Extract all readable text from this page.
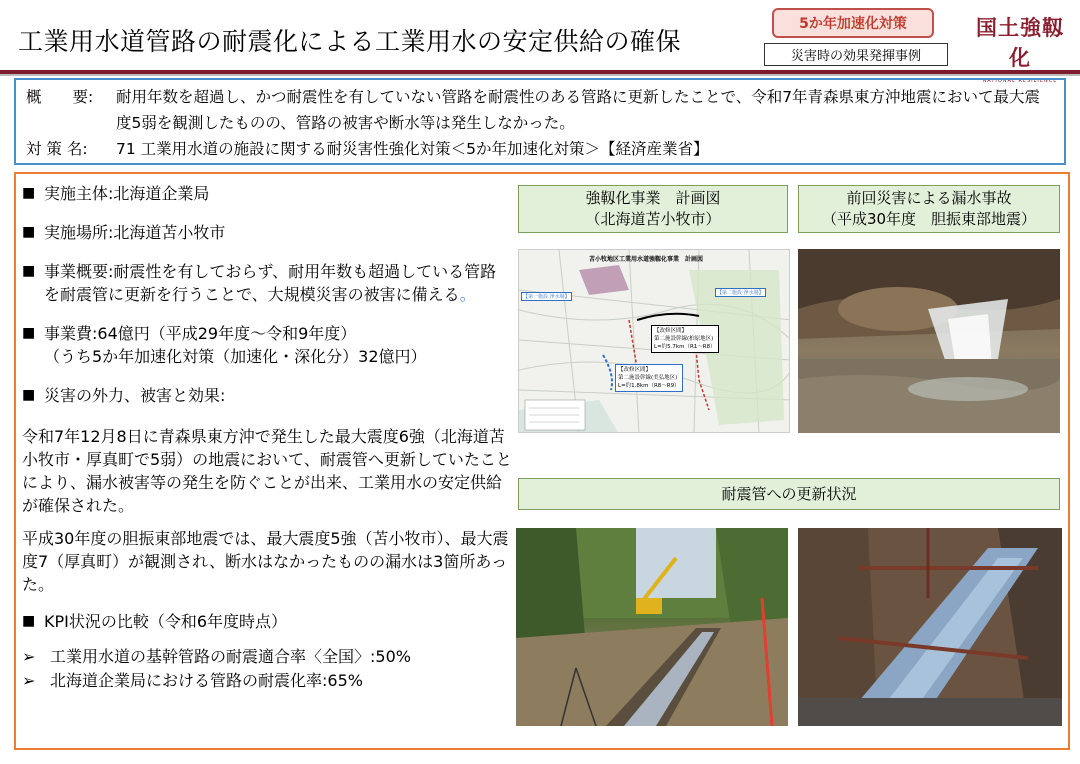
工業用水道管路の耐震化による工業用水の安定供給の確保
5か年加速化対策
災害時の効果発揮事例
国土強靱化
NATIONAL RESILIENCE
概　　要:	耐用年数を超過し、かつ耐震性を有していない管路を耐震性のある管路に更新したことで、令和7年青森県東方沖地震において最大震度5弱を観測したものの、管路の被害や断水等は発生しなかった。
対 策 名:	71 工業用水道の施設に関する耐災害性強化対策＜5か年加速化対策＞【経済産業省】
■ 実施主体:北海道企業局
■ 実施場所:北海道苫小牧市
■ 事業概要:耐震性を有しておらず、耐用年数も超過している管路を耐震管に更新を行うことで、大規模災害の被害に備える。
■ 事業費:64億円（平成29年度～令和9年度）
（うち5か年加速化対策（加速化・深化分）32億円）
■ 災害の外力、被害と効果:
令和7年12月8日に青森県東方沖で発生した最大震度6強（北海道苫小牧市・厚真町で5弱）の地震において、耐震管へ更新していたことにより、漏水被害等の発生を防ぐことが出来、工業用水の安定供給が確保された。
平成30年度の胆振東部地震では、最大震度5強（苫小牧市）、最大震度7（厚真町）が観測され、断水はなかったものの漏水は3箇所あった。
■ KPI状況の比較（令和6年度時点）
➢ 工業用水道の基幹管路の耐震適合率〈全国〉:50%
➢ 北海道企業局における管路の耐震化率:65%
強靱化事業　計画図
（北海道苫小牧市）
前回災害による漏水事故
（平成30年度　胆振東部地震）
耐震管への更新状況
苫小牧地区工業用水道強靱化事業　計画図
【第一施設 浄水場】
【第二施設 浄水場】
【改修区間】
第二施設幹線(柏原地区)
L=約5.7km（R1～R8）
【改修区間】
第二施設幹線(美弘地区)
L=約1.8km（R8～R9）
